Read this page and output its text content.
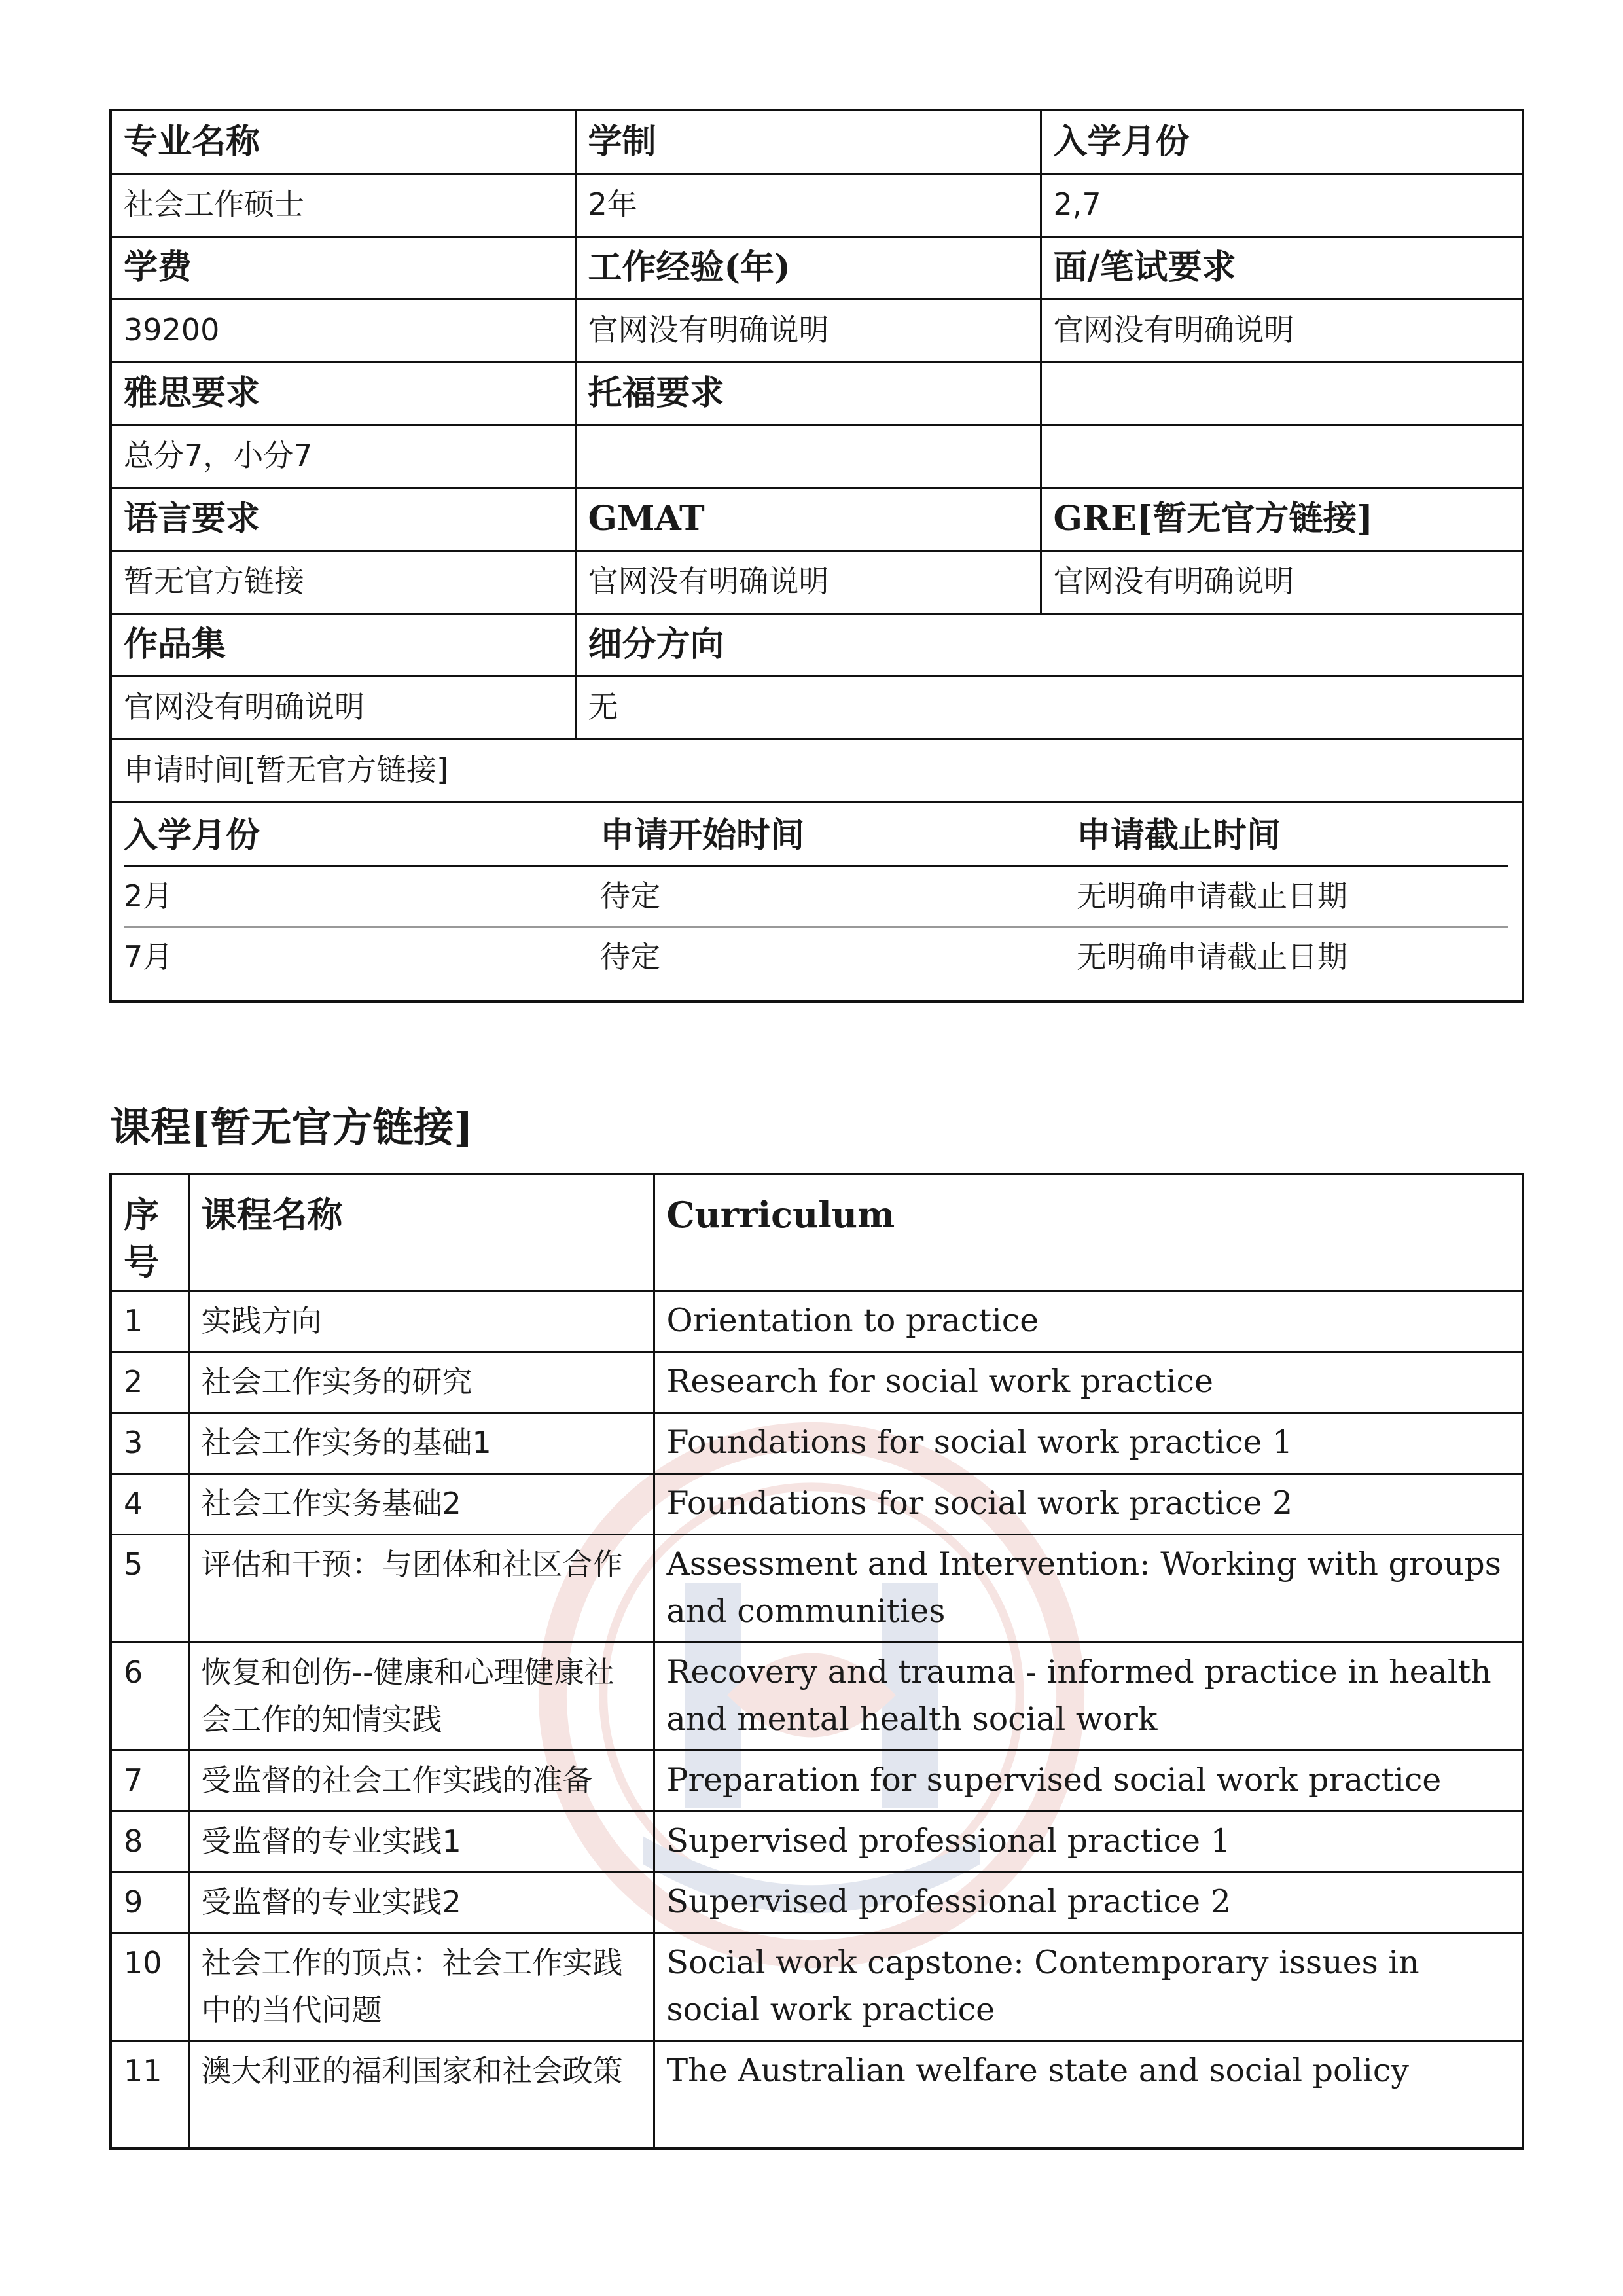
专业名称	学制	入学月份
社会工作硕士	2年	2,7
学费	工作经验(年)	面/笔试要求
39200	官网没有明确说明	官网没有明确说明
雅思要求	托福要求	
总分7，小分7		
语言要求	GMAT	GRE[暂无官方链接]
暂无官方链接	官网没有明确说明	官网没有明确说明
作品集	细分方向
官网没有明确说明	无
申请时间[暂无官方链接]

入学月份	申请开始时间	申请截止时间
2月	待定	无明确申请截止日期
7月	待定	无明确申请截止日期
课程[暂无官方链接]
序号	课程名称	Curriculum
1	实践方向	Orientation to practice
2	社会工作实务的研究	Research for social work practice
3	社会工作实务的基础1	Foundations for social work practice 1
4	社会工作实务基础2	Foundations for social work practice 2
5	评估和干预：与团体和社区合作	Assessment and Intervention: Working with groups and communities
6	恢复和创伤--健康和心理健康社会工作的知情实践	Recovery and trauma - informed practice in health and mental health social work
7	受监督的社会工作实践的准备	Preparation for supervised social work practice
8	受监督的专业实践1	Supervised professional practice 1
9	受监督的专业实践2	Supervised professional practice 2
10	社会工作的顶点：社会工作实践中的当代问题	Social work capstone: Contemporary issues in social work practice
11	澳大利亚的福利国家和社会政策	The Australian welfare state and social policy
